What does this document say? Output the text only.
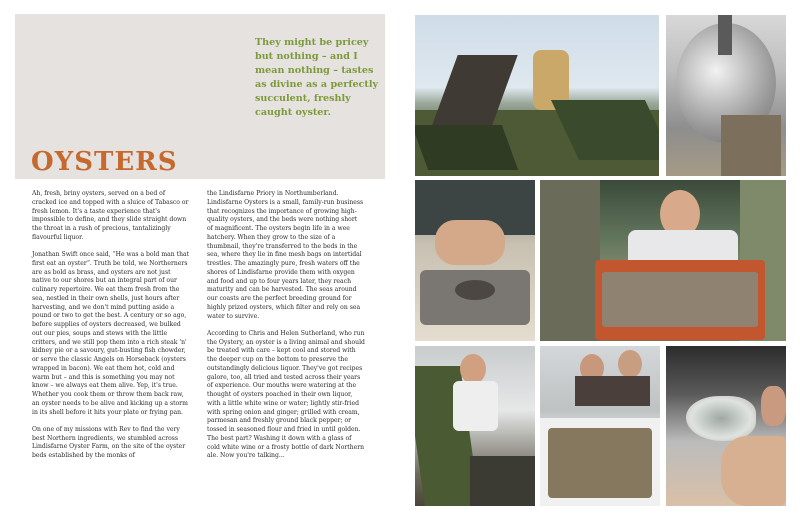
They might be pricey but nothing – and I mean nothing – tastes as divine as a perfectly succulent, freshly caught oyster.

OYSTERS

Ah, fresh, briny oysters, served on a bed of cracked ice and topped with a sluice of Tabasco or fresh lemon. It's a taste experience that's impossible to define, and they slide straight down the throat in a rush of precious, tantalizingly flavourful liquor.

Jonathan Swift once said, “He was a bold man that first eat an oyster”. Truth be told, we Northerners are as bold as brass, and oysters are not just native to our shores but an integral part of our culinary repertoire. We eat them fresh from the sea, nestled in their own shells, just hours after harvesting, and we don't mind putting aside a pound or two to get the best. A century or so ago, before supplies of oysters decreased, we bulked out our pies, soups and stews with the little critters, and we still pop them into a rich steak 'n' kidney pie or a savoury, gut-busting fish chowder, or serve the classic Angels on Horseback (oysters wrapped in bacon). We eat them hot, cold and warm but – and this is something you may not know – we always eat them alive. Yep, it's true. Whether you cook them or throw them back raw, an oyster needs to be alive and kicking up a storm in its shell before it hits your plate or frying pan.

On one of my missions with Rev to find the very best Northern ingredients, we stumbled across Lindisfarne Oyster Farm, on the site of the oyster beds established by the monks of

the Lindisfarne Priory in Northumberland. Lindisfarne Oysters is a small, family-run business that recognizes the importance of growing high-quality oysters, and the beds were nothing short of magnificent. The oysters begin life in a wee hatchery. When they grow to the size of a thumbnail, they're transferred to the beds in the sea, where they lie in fine mesh bags on intertidal trestles. The amazingly pure, fresh waters off the shores of Lindisfarne provide them with oxygen and food and up to four years later, they reach maturity and can be harvested. The seas around our coasts are the perfect breeding ground for highly prized oysters, which filter and rely on sea water to survive.

According to Chris and Helen Sutherland, who run the Oystery, an oyster is a living animal and should be treated with care – kept cool and stored with the deeper cup on the bottom to preserve the outstandingly delicious liquor. They've got recipes galore, too, all tried and tested across their years of experience. Our mouths were watering at the thought of oysters poached in their own liquor, with a little white wine or water; lightly stir-fried with spring onion and ginger; grilled with cream, parmesan and freshly ground black pepper; or tossed in seasoned flour and fried in until golden. The best part? Washing it down with a glass of cold white wine or a frosty bottle of dark Northern ale. Now you're talking...
